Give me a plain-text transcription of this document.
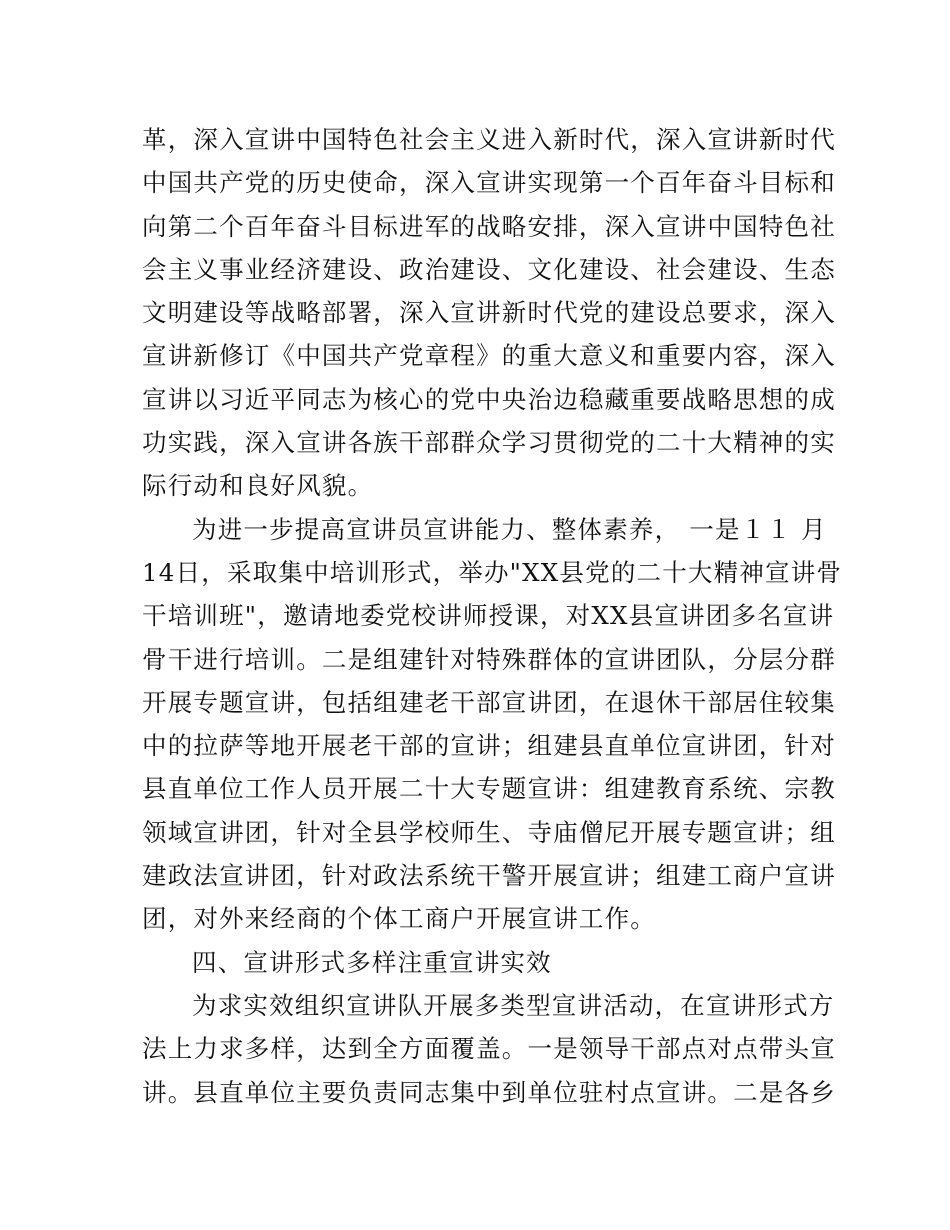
革，深入宣讲中国特色社会主义进入新时代，深入宣讲新时代
中国共产党的历史使命，深入宣讲实现第一个百年奋斗目标和
向第二个百年奋斗目标进军的战略安排，深入宣讲中国特色社
会主义事业经济建设、政治建设、文化建设、社会建设、生态
文明建设等战略部署，深入宣讲新时代党的建设总要求，深入
宣讲新修订《中国共产党章程》的重大意义和重要内容，深入
宣讲以习近平同志为核心的党中央治边稳藏重要战略思想的成
功实践，深入宣讲各族干部群众学习贯彻党的二十大精神的实
际行动和良好风貌。
为进一步提高宣讲员宣讲能力、整体素养， 一是１１ 月
14日，采取集中培训形式，举办"XX县党的二十大精神宣讲骨
干培训班"，邀请地委党校讲师授课，对XX县宣讲团多名宣讲
骨干进行培训。二是组建针对特殊群体的宣讲团队，分层分群
开展专题宣讲，包括组建老干部宣讲团，在退休干部居住较集
中的拉萨等地开展老干部的宣讲；组建县直单位宣讲团，针对
县直单位工作人员开展二十大专题宣讲：组建教育系统、宗教
领域宣讲团，针对全县学校师生、寺庙僧尼开展专题宣讲；组
建政法宣讲团，针对政法系统干警开展宣讲；组建工商户宣讲
团，对外来经商的个体工商户开展宣讲工作。
四、宣讲形式多样注重宣讲实效
为求实效组织宣讲队开展多类型宣讲活动，在宣讲形式方
法上力求多样，达到全方面覆盖。一是领导干部点对点带头宣
讲。县直单位主要负责同志集中到单位驻村点宣讲。二是各乡
